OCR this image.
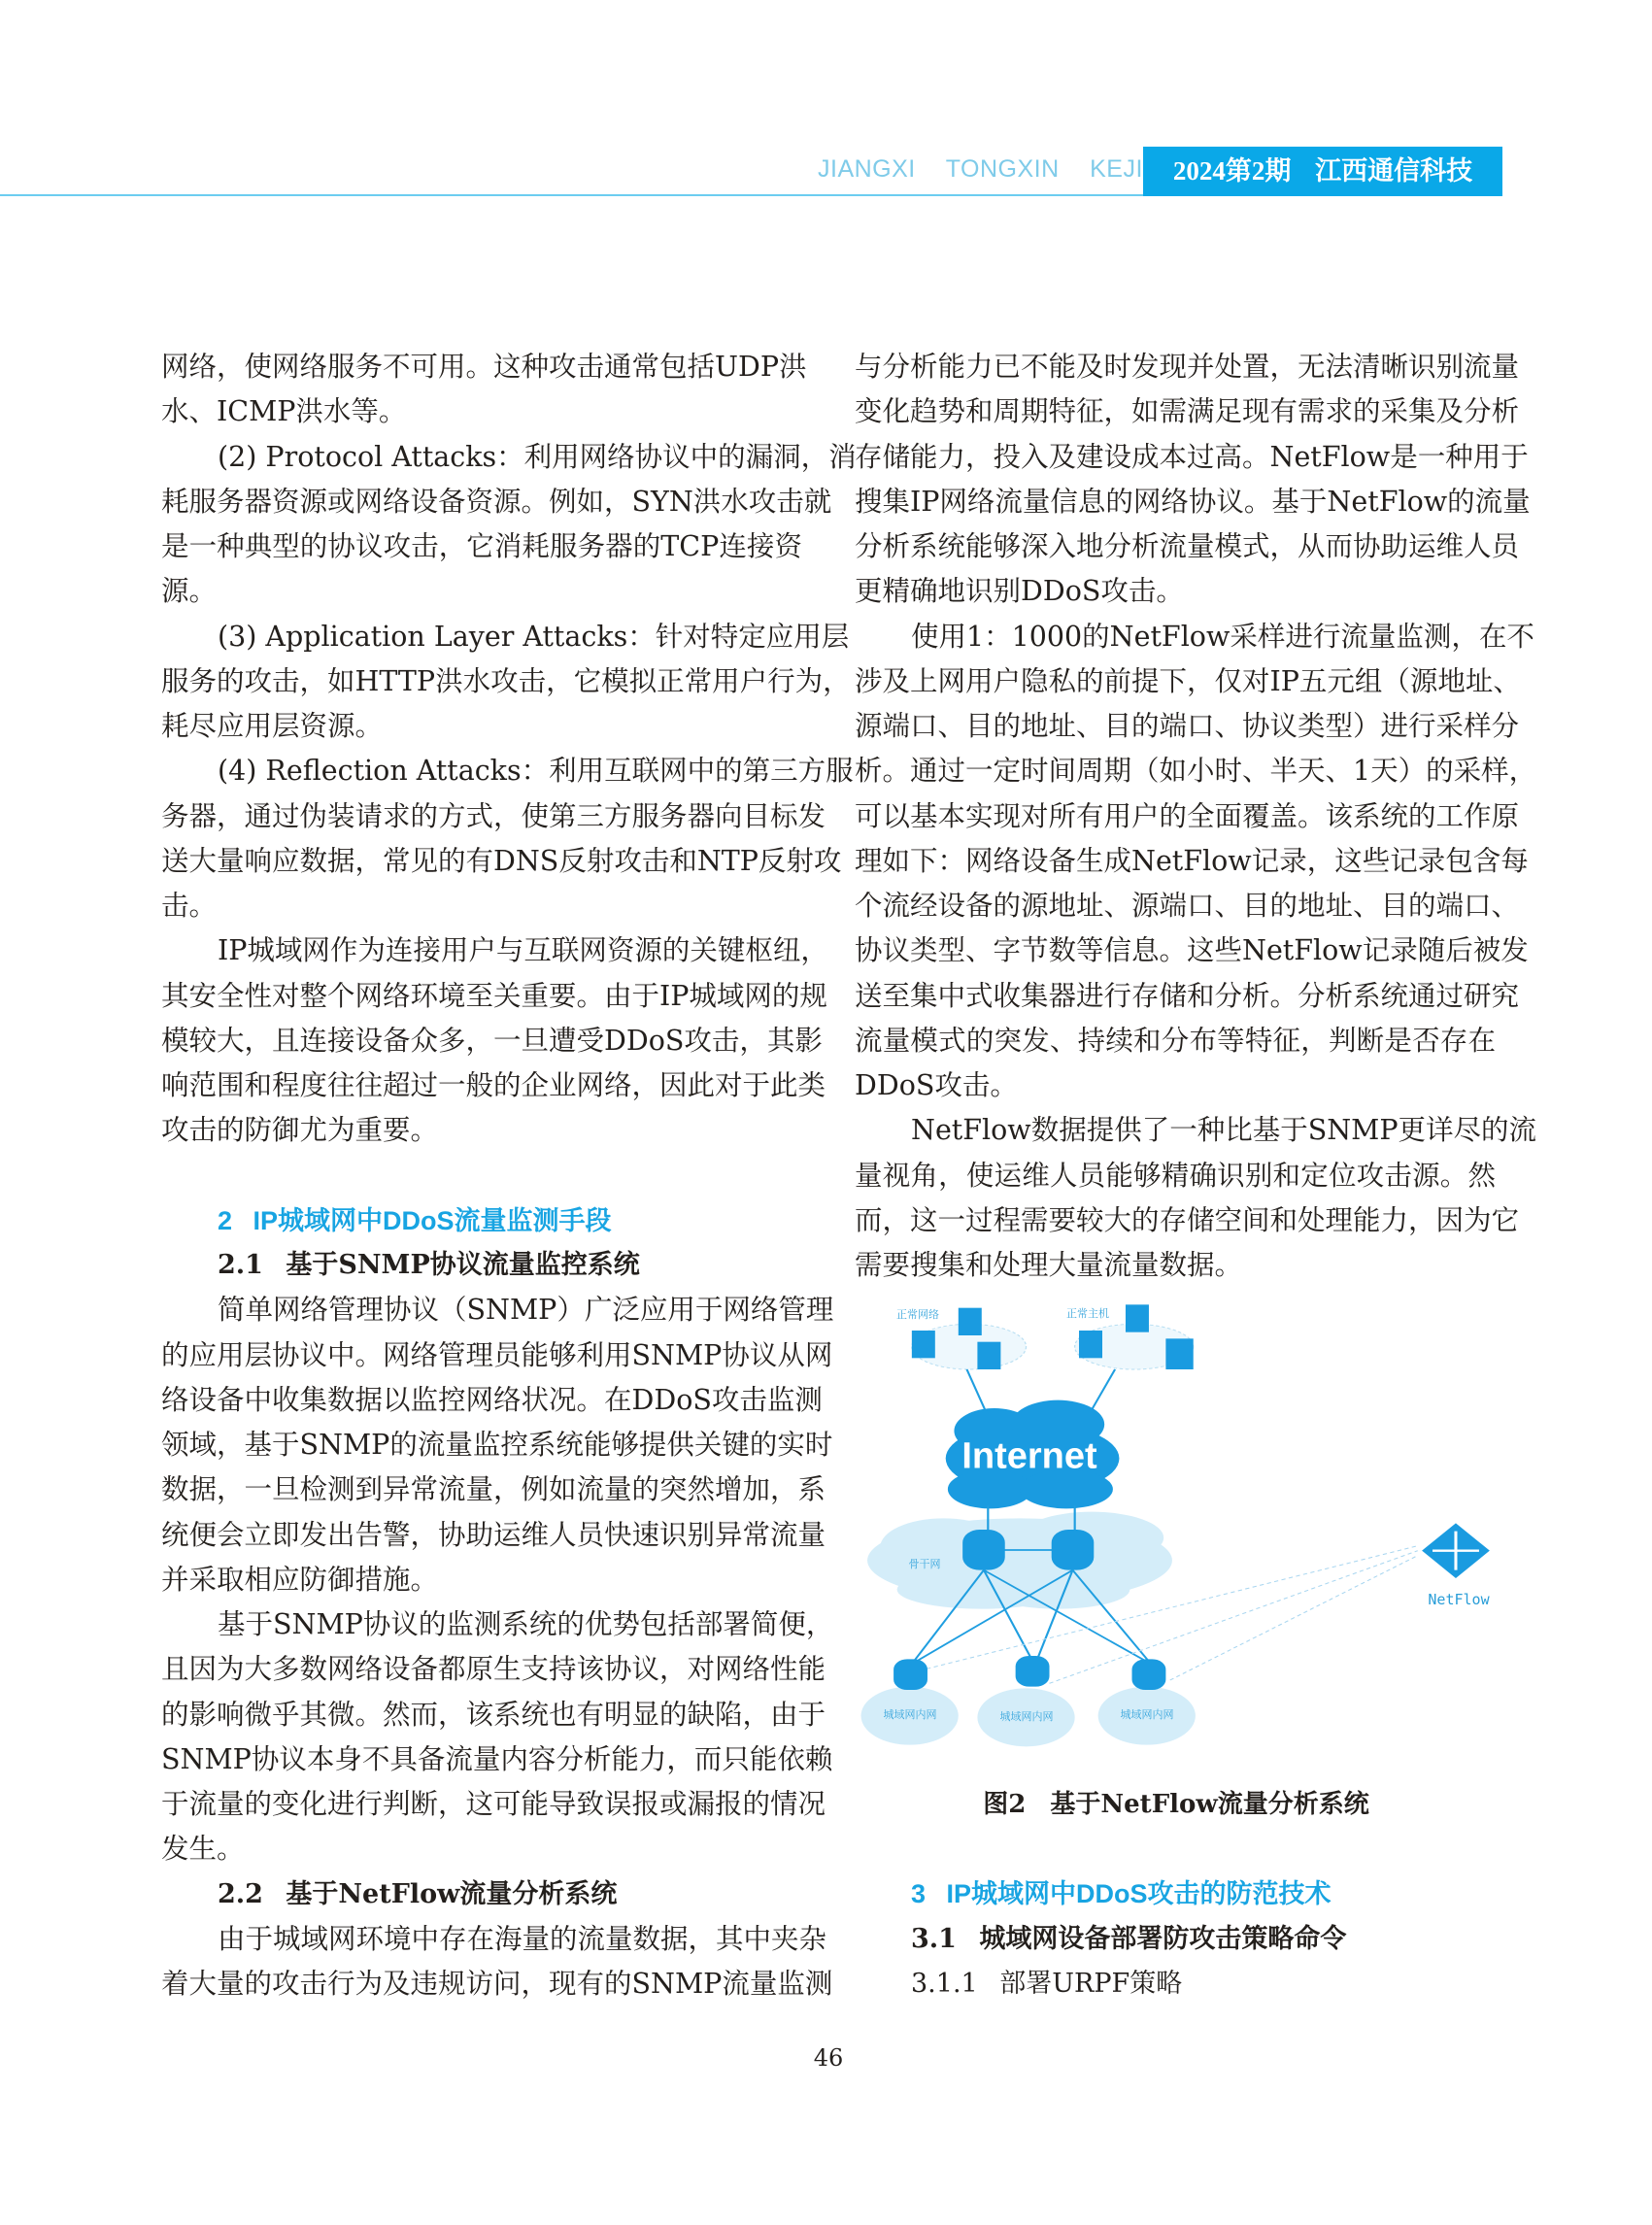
JIANGXI TONGXIN KEJI	2024第2期 江西通信科技
网络，使网络服务不可用。这种攻击通常包括UDP洪
水、ICMP洪水等。
(2) Protocol Attacks：利用网络协议中的漏洞，消
耗服务器资源或网络设备资源。例如，SYN洪水攻击就
是一种典型的协议攻击，它消耗服务器的TCP连接资
源。
(3) Application Layer Attacks：针对特定应用层
服务的攻击，如HTTP洪水攻击，它模拟正常用户行为，
耗尽应用层资源。
(4) Reflection Attacks：利用互联网中的第三方服
务器，通过伪装请求的方式，使第三方服务器向目标发
送大量响应数据，常见的有DNS反射攻击和NTP反射攻
击。
IP城域网作为连接用户与互联网资源的关键枢纽，
其安全性对整个网络环境至关重要。由于IP城域网的规
模较大，且连接设备众多，一旦遭受DDoS攻击，其影
响范围和程度往往超过一般的企业网络，因此对于此类
攻击的防御尤为重要。
2 IP城域网中DDoS流量监测手段
2.1 基于SNMP协议流量监控系统
简单网络管理协议（SNMP）广泛应用于网络管理
的应用层协议中。网络管理员能够利用SNMP协议从网
络设备中收集数据以监控网络状况。在DDoS攻击监测
领域，基于SNMP的流量监控系统能够提供关键的实时
数据，一旦检测到异常流量，例如流量的突然增加，系
统便会立即发出告警，协助运维人员快速识别异常流量
并采取相应防御措施。
基于SNMP协议的监测系统的优势包括部署简便，
且因为大多数网络设备都原生支持该协议，对网络性能
的影响微乎其微。然而，该系统也有明显的缺陷，由于
SNMP协议本身不具备流量内容分析能力，而只能依赖
于流量的变化进行判断，这可能导致误报或漏报的情况
发生。
2.2 基于NetFlow流量分析系统
由于城域网环境中存在海量的流量数据，其中夹杂
着大量的攻击行为及违规访问，现有的SNMP流量监测
与分析能力已不能及时发现并处置，无法清晰识别流量
变化趋势和周期特征，如需满足现有需求的采集及分析
存储能力，投入及建设成本过高。NetFlow是一种用于
搜集IP网络流量信息的网络协议。基于NetFlow的流量
分析系统能够深入地分析流量模式，从而协助运维人员
更精确地识别DDoS攻击。
使用1：1000的NetFlow采样进行流量监测，在不
涉及上网用户隐私的前提下，仅对IP五元组（源地址、
源端口、目的地址、目的端口、协议类型）进行采样分
析。通过一定时间周期（如小时、半天、1天）的采样，
可以基本实现对所有用户的全面覆盖。该系统的工作原
理如下：网络设备生成NetFlow记录，这些记录包含每
个流经设备的源地址、源端口、目的地址、目的端口、
协议类型、字节数等信息。这些NetFlow记录随后被发
送至集中式收集器进行存储和分析。分析系统通过研究
流量模式的突发、持续和分布等特征，判断是否存在
DDoS攻击。
NetFlow数据提供了一种比基于SNMP更详尽的流
量视角，使运维人员能够精确识别和定位攻击源。然
而，这一过程需要较大的存储空间和处理能力，因为它
需要搜集和处理大量流量数据。
正常网络	正常主机
Internet
骨干网
城域网内网	城域网内网	城域网内网
NetFlow
图2 基于NetFlow流量分析系统
3 IP城域网中DDoS攻击的防范技术
3.1 城域网设备部署防攻击策略命令
3.1.1 部署URPF策略
46
